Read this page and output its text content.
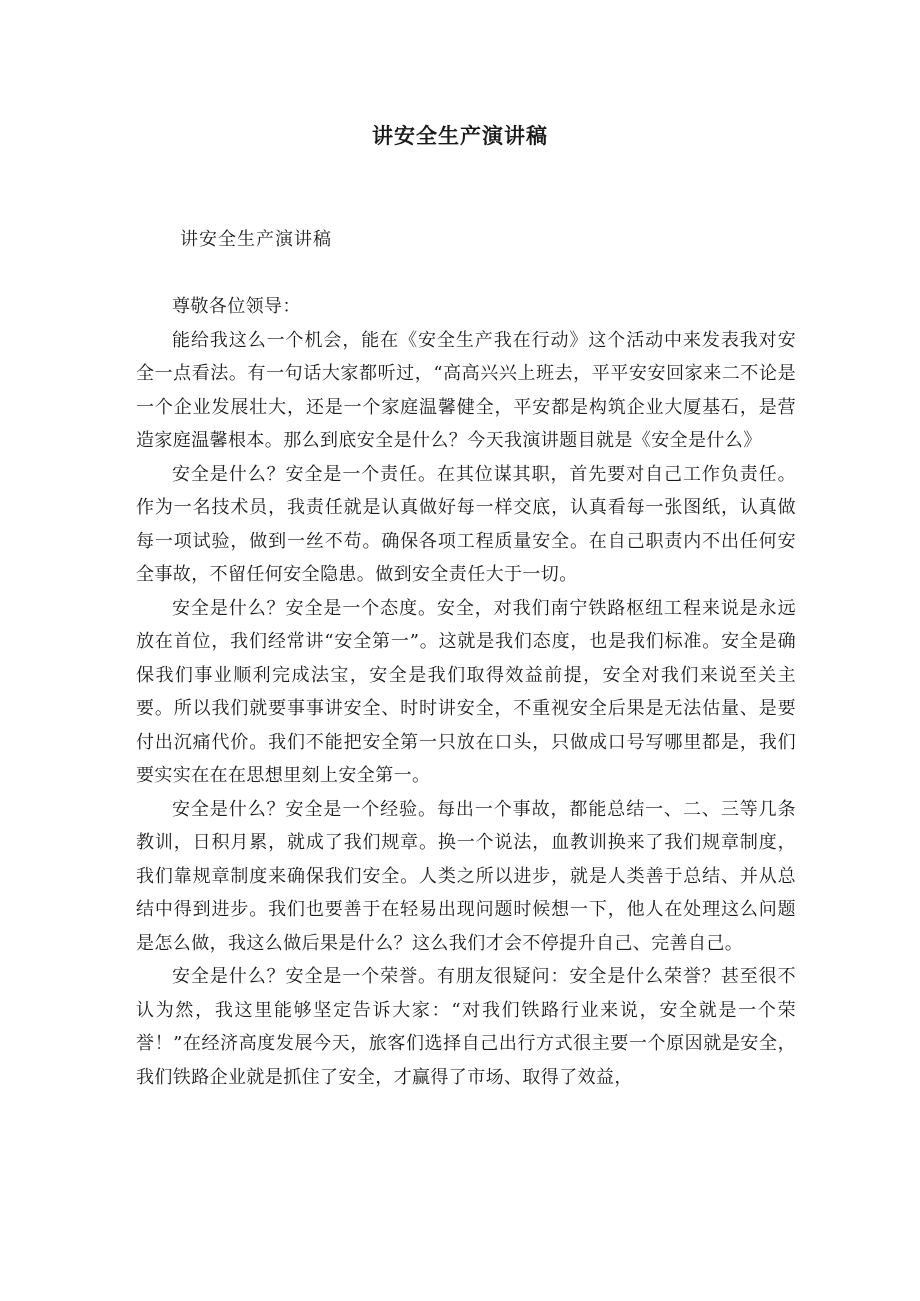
讲安全生产演讲稿
讲安全生产演讲稿

尊敬各位领导：

能给我这么一个机会，能在《安全生产我在行动》这个活动中来发表我对安全一点看法。有一句话大家都听过，“高高兴兴上班去，平平安安回家来二不论是一个企业发展壮大，还是一个家庭温馨健全，平安都是构筑企业大厦基石，是营造家庭温馨根本。那么到底安全是什么？今天我演讲题目就是《安全是什么》

安全是什么？安全是一个责任。在其位谋其职，首先要对自己工作负责任。作为一名技术员，我责任就是认真做好每一样交底，认真看每一张图纸，认真做每一项试验，做到一丝不苟。确保各项工程质量安全。在自己职责内不出任何安全事故，不留任何安全隐患。做到安全责任大于一切。

安全是什么？安全是一个态度。安全，对我们南宁铁路枢纽工程来说是永远放在首位，我们经常讲“安全第一”。这就是我们态度，也是我们标准。安全是确保我们事业顺利完成法宝，安全是我们取得效益前提，安全对我们来说至关主要。所以我们就要事事讲安全、时时讲安全，不重视安全后果是无法估量、是要付出沉痛代价。我们不能把安全第一只放在口头，只做成口号写哪里都是，我们要实实在在在思想里刻上安全第一。

安全是什么？安全是一个经验。每出一个事故，都能总结一、二、三等几条教训，日积月累，就成了我们规章。换一个说法，血教训换来了我们规章制度，我们靠规章制度来确保我们安全。人类之所以进步，就是人类善于总结、并从总结中得到进步。我们也要善于在轻易出现问题时候想一下，他人在处理这么问题是怎么做，我这么做后果是什么？这么我们才会不停提升自己、完善自己。

安全是什么？安全是一个荣誉。有朋友很疑问：安全是什么荣誉？甚至很不认为然，我这里能够坚定告诉大家：“对我们铁路行业来说，安全就是一个荣誉！”在经济高度发展今天，旅客们选择自己出行方式很主要一个原因就是安全，我们铁路企业就是抓住了安全，才赢得了市场、取得了效益，
